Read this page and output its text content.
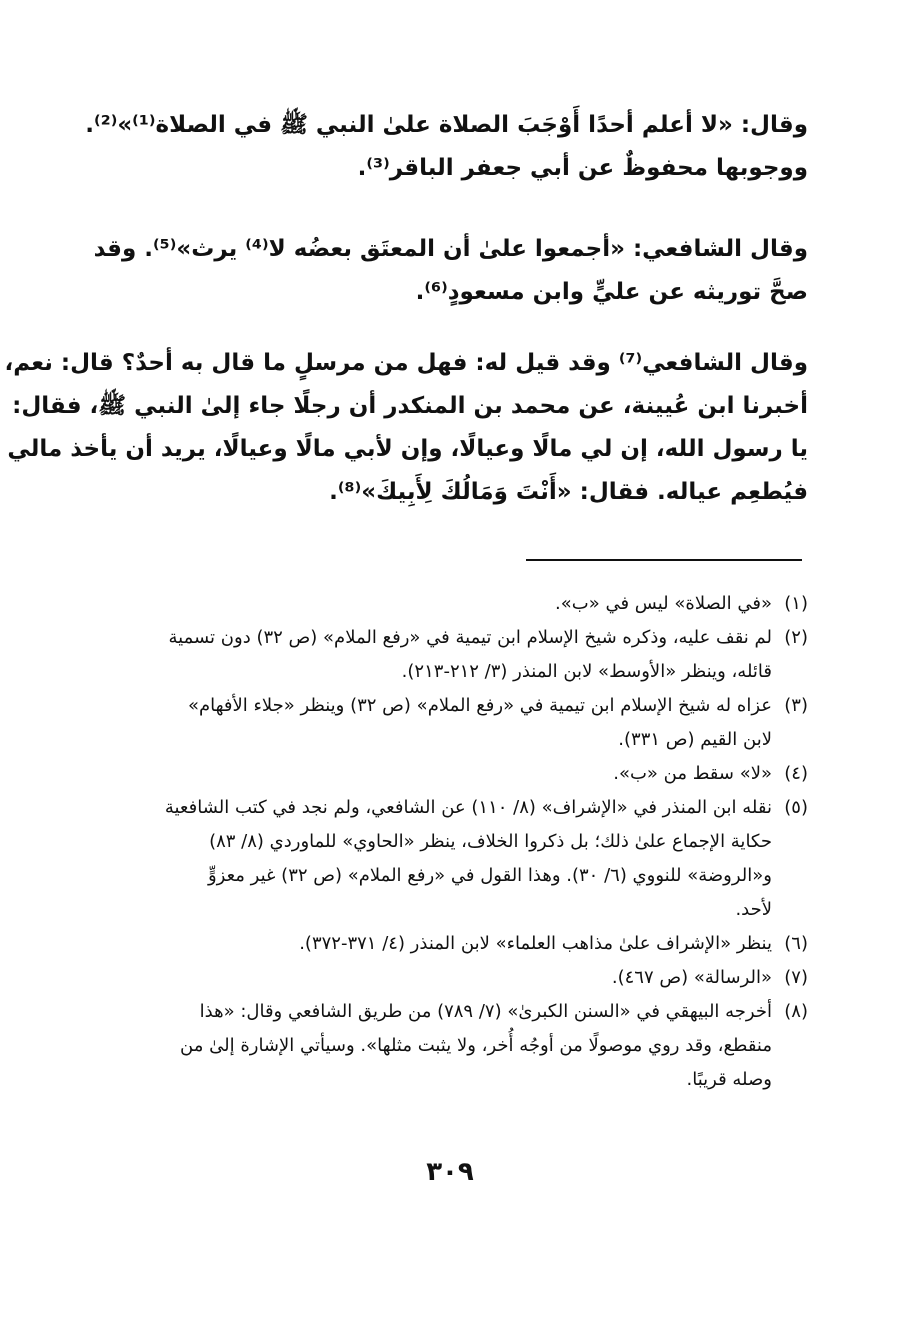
وقال: «لا أعلم أحدًا أَوْجَبَ الصلاة علىٰ النبي ﷺ في الصلاة⁽¹⁾»⁽²⁾.
ووجوبها محفوظٌ عن أبي جعفر الباقر⁽³⁾.
وقال الشافعي: «أجمعوا علىٰ أن المعتَق بعضُه لا⁽⁴⁾ يرث»⁽⁵⁾. وقد
صحَّ توريثه عن عليٍّ وابن مسعودٍ⁽⁶⁾.
وقال الشافعي⁽⁷⁾ وقد قيل له: فهل من مرسلٍ ما قال به أحدٌ؟ قال: نعم،
أخبرنا ابن عُيينة، عن محمد بن المنكدر أن رجلًا جاء إلىٰ النبي ﷺ، فقال:
يا رسول الله، إن لي مالًا وعيالًا، وإن لأبي مالًا وعيالًا، يريد أن يأخذ مالي
فيُطعِم عياله. فقال: «أَنْتَ وَمَالُكَ لِأَبِيكَ»⁽⁸⁾.
(١)
«في الصلاة» ليس في «ب».
(٢)
لم نقف عليه، وذكره شيخ الإسلام ابن تيمية في «رفع الملام» (ص ٣٢) دون تسمية
قائله، وينظر «الأوسط» لابن المنذر (٣/ ٢١٢-٢١٣).
(٣)
عزاه له شيخ الإسلام ابن تيمية في «رفع الملام» (ص ٣٢) وينظر «جلاء الأفهام»
لابن القيم (ص ٣٣١).
(٤)
«لا» سقط من «ب».
(٥)
نقله ابن المنذر في «الإشراف» (٨/ ١١٠) عن الشافعي، ولم نجد في كتب الشافعية
حكاية الإجماع علىٰ ذلك؛ بل ذكروا الخلاف، ينظر «الحاوي» للماوردي (٨/ ٨٣)
و«الروضة» للنووي (٦/ ٣٠). وهذا القول في «رفع الملام» (ص ٣٢) غير معزوٍّ
لأحد.
(٦)
ينظر «الإشراف علىٰ مذاهب العلماء» لابن المنذر (٤/ ٣٧١-٣٧٢).
(٧)
«الرسالة» (ص ٤٦٧).
(٨)
أخرجه البيهقي في «السنن الكبرىٰ» (٧/ ٧٨٩) من طريق الشافعي وقال: «هذا
منقطع، وقد روي موصولًا من أوجُه أُخر، ولا يثبت مثلها». وسيأتي الإشارة إلىٰ من
وصله قريبًا.
٣٠٩
